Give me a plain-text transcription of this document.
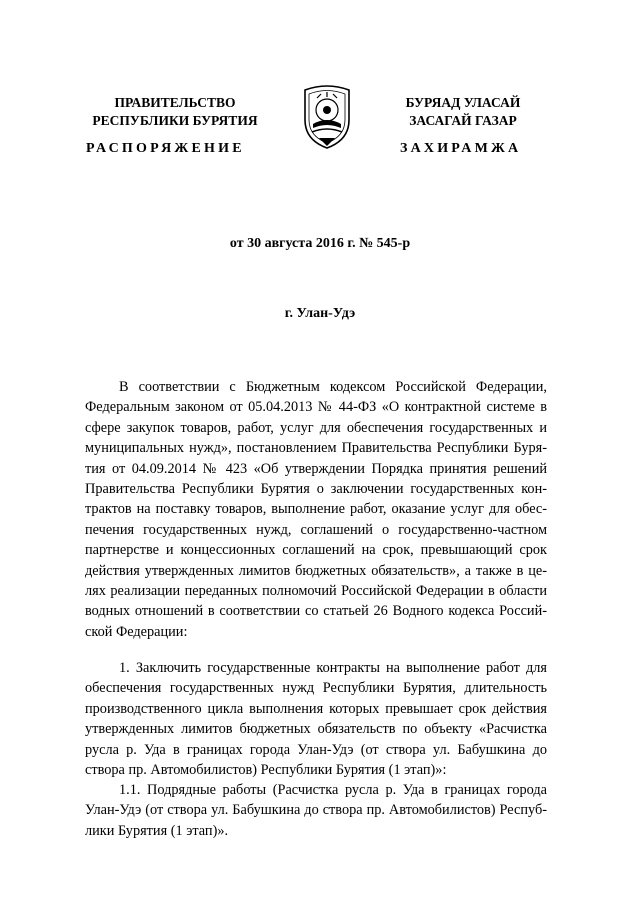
ПРАВИТЕЛЬСТВО
РЕСПУБЛИКИ БУРЯТИЯ
БУРЯАД УЛАСАЙ
ЗАСАГАЙ ГАЗАР
РАСПОРЯЖЕНИЕ	ЗАХИРАМЖА
от 30 августа 2016 г. № 545-р
г. Улан-Удэ
В соответствии с Бюджетным кодексом Российской Федерации,
Федеральным законом от 05.04.2013 № 44-ФЗ «О контрактной системе в
сфере закупок товаров, работ, услуг для обеспечения государственных и
муниципальных нужд», постановлением Правительства Республики Буря-
тия от 04.09.2014 № 423 «Об утверждении Порядка принятия решений
Правительства Республики Бурятия о заключении государственных кон-
трактов на поставку товаров, выполнение работ, оказание услуг для обес-
печения государственных нужд, соглашений о государственно-частном
партнерстве и концессионных соглашений на срок, превышающий срок
действия утвержденных лимитов бюджетных обязательств», а также в це-
лях реализации переданных полномочий Российской Федерации в области
водных отношений в соответствии со статьей 26 Водного кодекса Россий-
ской Федерации:
1. Заключить государственные контракты на выполнение работ для
обеспечения государственных нужд Республики Бурятия, длительность
производственного цикла выполнения которых превышает срок действия
утвержденных лимитов бюджетных обязательств по объекту «Расчистка
русла р. Уда в границах города Улан-Удэ (от створа ул. Бабушкина до
створа пр. Автомобилистов) Республики Бурятия (1 этап)»:
1.1. Подрядные работы (Расчистка русла р. Уда в границах города
Улан-Удэ (от створа ул. Бабушкина до створа пр. Автомобилистов) Респуб-
лики Бурятия (1 этап)».
